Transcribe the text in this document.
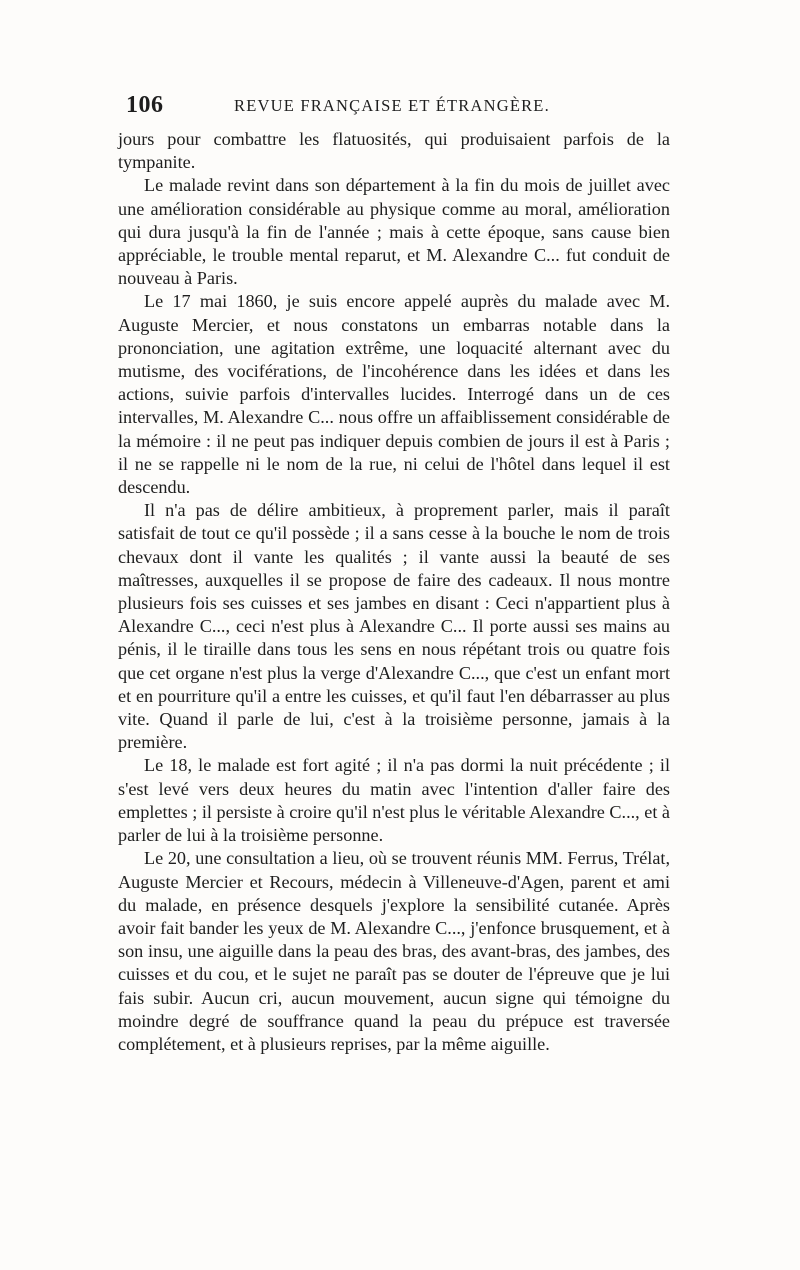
106	REVUE FRANÇAISE ET ÉTRANGÈRE.

jours pour combattre les flatuosités, qui produisaient parfois de la tympanite.

Le malade revint dans son département à la fin du mois de juillet avec une amélioration considérable au physique comme au moral, amélioration qui dura jusqu'à la fin de l'année ; mais à cette époque, sans cause bien appréciable, le trouble mental reparut, et M. Alexandre C... fut conduit de nouveau à Paris.

Le 17 mai 1860, je suis encore appelé auprès du malade avec M. Auguste Mercier, et nous constatons un embarras notable dans la prononciation, une agitation extrême, une loquacité alternant avec du mutisme, des vociférations, de l'incohérence dans les idées et dans les actions, suivie parfois d'intervalles lucides. Interrogé dans un de ces intervalles, M. Alexandre C... nous offre un affaiblissement considérable de la mémoire : il ne peut pas indiquer depuis combien de jours il est à Paris ; il ne se rappelle ni le nom de la rue, ni celui de l'hôtel dans lequel il est descendu.

Il n'a pas de délire ambitieux, à proprement parler, mais il paraît satisfait de tout ce qu'il possède ; il a sans cesse à la bouche le nom de trois chevaux dont il vante les qualités ; il vante aussi la beauté de ses maîtresses, auxquelles il se propose de faire des cadeaux. Il nous montre plusieurs fois ses cuisses et ses jambes en disant : Ceci n'appartient plus à Alexandre C..., ceci n'est plus à Alexandre C... Il porte aussi ses mains au pénis, il le tiraille dans tous les sens en nous répétant trois ou quatre fois que cet organe n'est plus la verge d'Alexandre C..., que c'est un enfant mort et en pourriture qu'il a entre les cuisses, et qu'il faut l'en débarrasser au plus vite. Quand il parle de lui, c'est à la troisième personne, jamais à la première.

Le 18, le malade est fort agité ; il n'a pas dormi la nuit précédente ; il s'est levé vers deux heures du matin avec l'intention d'aller faire des emplettes ; il persiste à croire qu'il n'est plus le véritable Alexandre C..., et à parler de lui à la troisième personne.

Le 20, une consultation a lieu, où se trouvent réunis MM. Ferrus, Trélat, Auguste Mercier et Recours, médecin à Villeneuve-d'Agen, parent et ami du malade, en présence desquels j'explore la sensibilité cutanée. Après avoir fait bander les yeux de M. Alexandre C..., j'enfonce brusquement, et à son insu, une aiguille dans la peau des bras, des avant-bras, des jambes, des cuisses et du cou, et le sujet ne paraît pas se douter de l'épreuve que je lui fais subir. Aucun cri, aucun mouvement, aucun signe qui témoigne du moindre degré de souffrance quand la peau du prépuce est traversée complétement, et à plusieurs reprises, par la même aiguille.
